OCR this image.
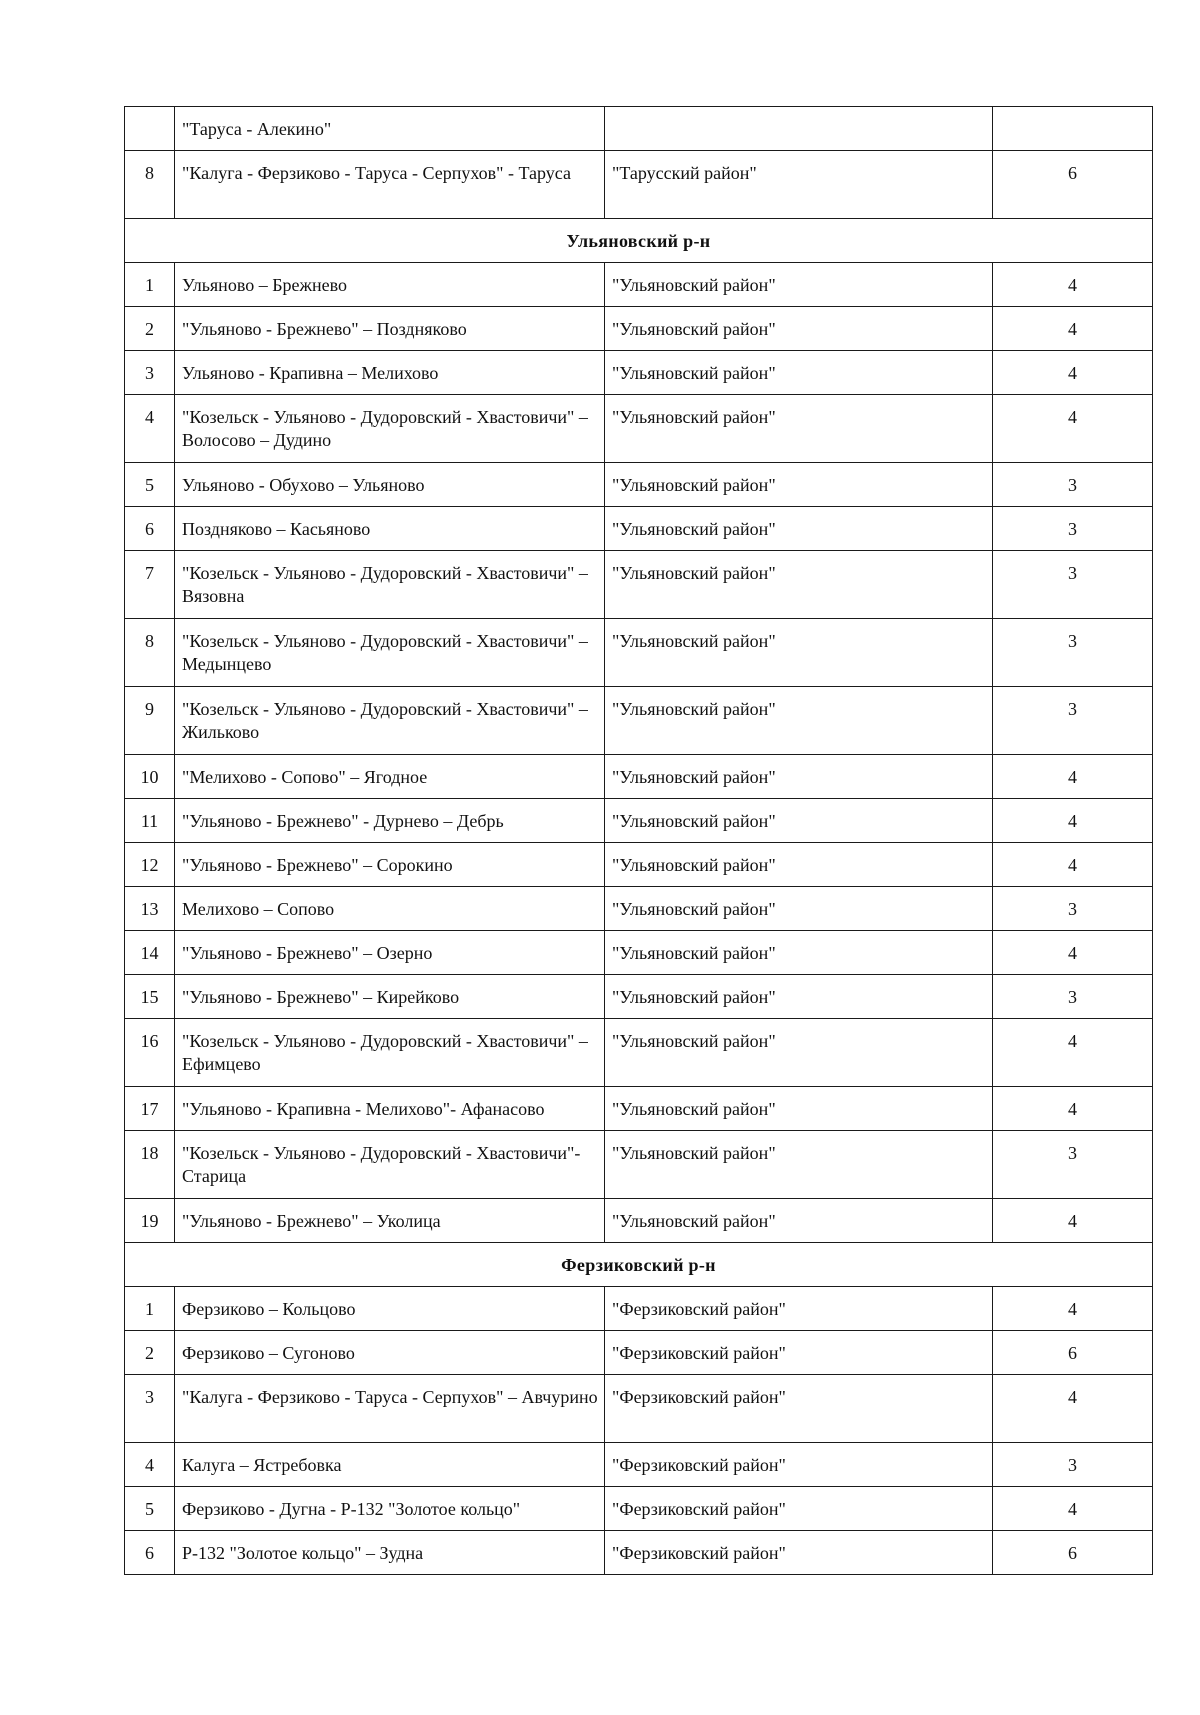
	"Таруса - Алекино"		
8	"Калуга - Ферзиково - Таруса - Серпухов" - Таруса	"Тарусский район"	6
Ульяновский р-н			
1	Ульяново – Брежнево	"Ульяновский район"	4
2	"Ульяново - Брежнево" – Поздняково	"Ульяновский район"	4
3	Ульяново - Крапивна – Мелихово	"Ульяновский район"	4
4	"Козельск - Ульяново - Дудоровский - Хвастовичи" – Волосово – Дудино	"Ульяновский район"	4
5	Ульяново - Обухово – Ульяново	"Ульяновский район"	3
6	Поздняково – Касьяново	"Ульяновский район"	3
7	"Козельск - Ульяново - Дудоровский - Хвастовичи" – Вязовна	"Ульяновский район"	3
8	"Козельск - Ульяново - Дудоровский - Хвастовичи" – Медынцево	"Ульяновский район"	3
9	"Козельск - Ульяново - Дудоровский - Хвастовичи" – Жильково	"Ульяновский район"	3
10	"Мелихово - Сопово" – Ягодное	"Ульяновский район"	4
11	"Ульяново - Брежнево" - Дурнево – Дебрь	"Ульяновский район"	4
12	"Ульяново - Брежнево" – Сорокино	"Ульяновский район"	4
13	Мелихово – Сопово	"Ульяновский район"	3
14	"Ульяново - Брежнево" – Озерно	"Ульяновский район"	4
15	"Ульяново - Брежнево" – Кирейково	"Ульяновский район"	3
16	"Козельск - Ульяново - Дудоровский - Хвастовичи" – Ефимцево	"Ульяновский район"	4
17	"Ульяново - Крапивна - Мелихово"- Афанасово	"Ульяновский район"	4
18	"Козельск - Ульяново - Дудоровский - Хвастовичи"- Старица	"Ульяновский район"	3
19	"Ульяново - Брежнево" – Уколица	"Ульяновский район"	4
Ферзиковский р-н			
1	Ферзиково – Кольцово	"Ферзиковский район"	4
2	Ферзиково – Сугоново	"Ферзиковский район"	6
3	"Калуга - Ферзиково - Таруса - Серпухов" – Авчурино	"Ферзиковский район"	4
4	Калуга – Ястребовка	"Ферзиковский район"	3
5	Ферзиково - Дугна - Р-132 "Золотое кольцо"	"Ферзиковский район"	4
6	Р-132 "Золотое кольцо" – Зудна	"Ферзиковский район"	6
